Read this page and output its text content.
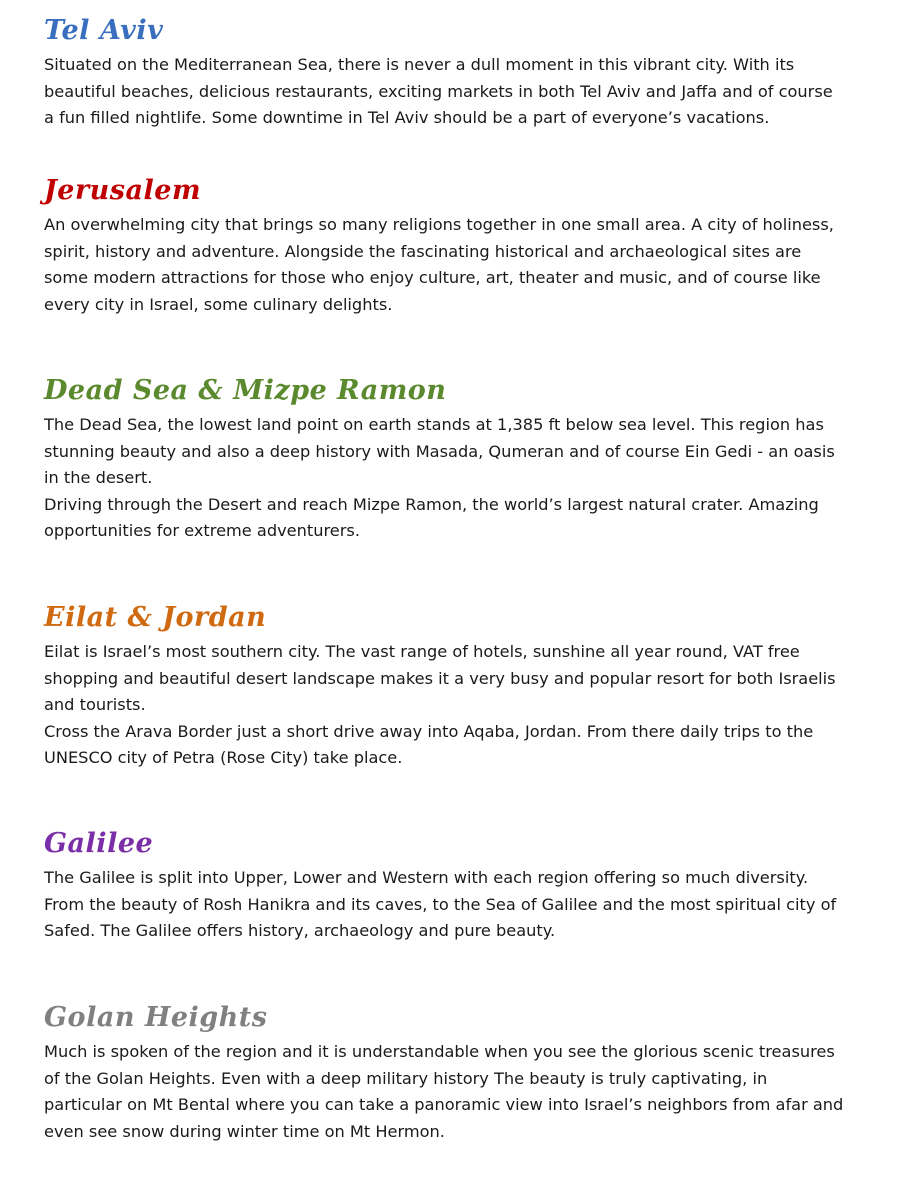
Tel Aviv

Situated on the Mediterranean Sea, there is never a dull moment in this vibrant city. With its beautiful beaches, delicious restaurants, exciting markets in both Tel Aviv and Jaffa and of course a fun filled nightlife. Some downtime in Tel Aviv should be a part of everyone’s vacations.

Jerusalem

An overwhelming city that brings so many religions together in one small area. A city of holiness, spirit, history and adventure. Alongside the fascinating historical and archaeological sites are some modern attractions for those who enjoy culture, art, theater and music, and of course like every city in Israel, some culinary delights.

Dead Sea & Mizpe Ramon

The Dead Sea, the lowest land point on earth stands at 1,385 ft below sea level. This region has stunning beauty and also a deep history with Masada, Qumeran and of course Ein Gedi - an oasis in the desert.

Driving through the Desert and reach Mizpe Ramon, the world’s largest natural crater. Amazing opportunities for extreme adventurers.

Eilat & Jordan

Eilat is Israel’s most southern city. The vast range of hotels, sunshine all year round, VAT free shopping and beautiful desert landscape makes it a very busy and popular resort for both Israelis and tourists.

Cross the Arava Border just a short drive away into Aqaba, Jordan. From there daily trips to the UNESCO city of Petra (Rose City) take place.

Galilee

The Galilee is split into Upper, Lower and Western with each region offering so much diversity. From the beauty of Rosh Hanikra and its caves, to the Sea of Galilee and the most spiritual city of Safed. The Galilee offers history, archaeology and pure beauty.

Golan Heights

Much is spoken of the region and it is understandable when you see the glorious scenic treasures of the Golan Heights. Even with a deep military history The beauty is truly captivating, in particular on Mt Bental where you can take a panoramic view into Israel’s neighbors from afar and even see snow during winter time on Mt Hermon.
